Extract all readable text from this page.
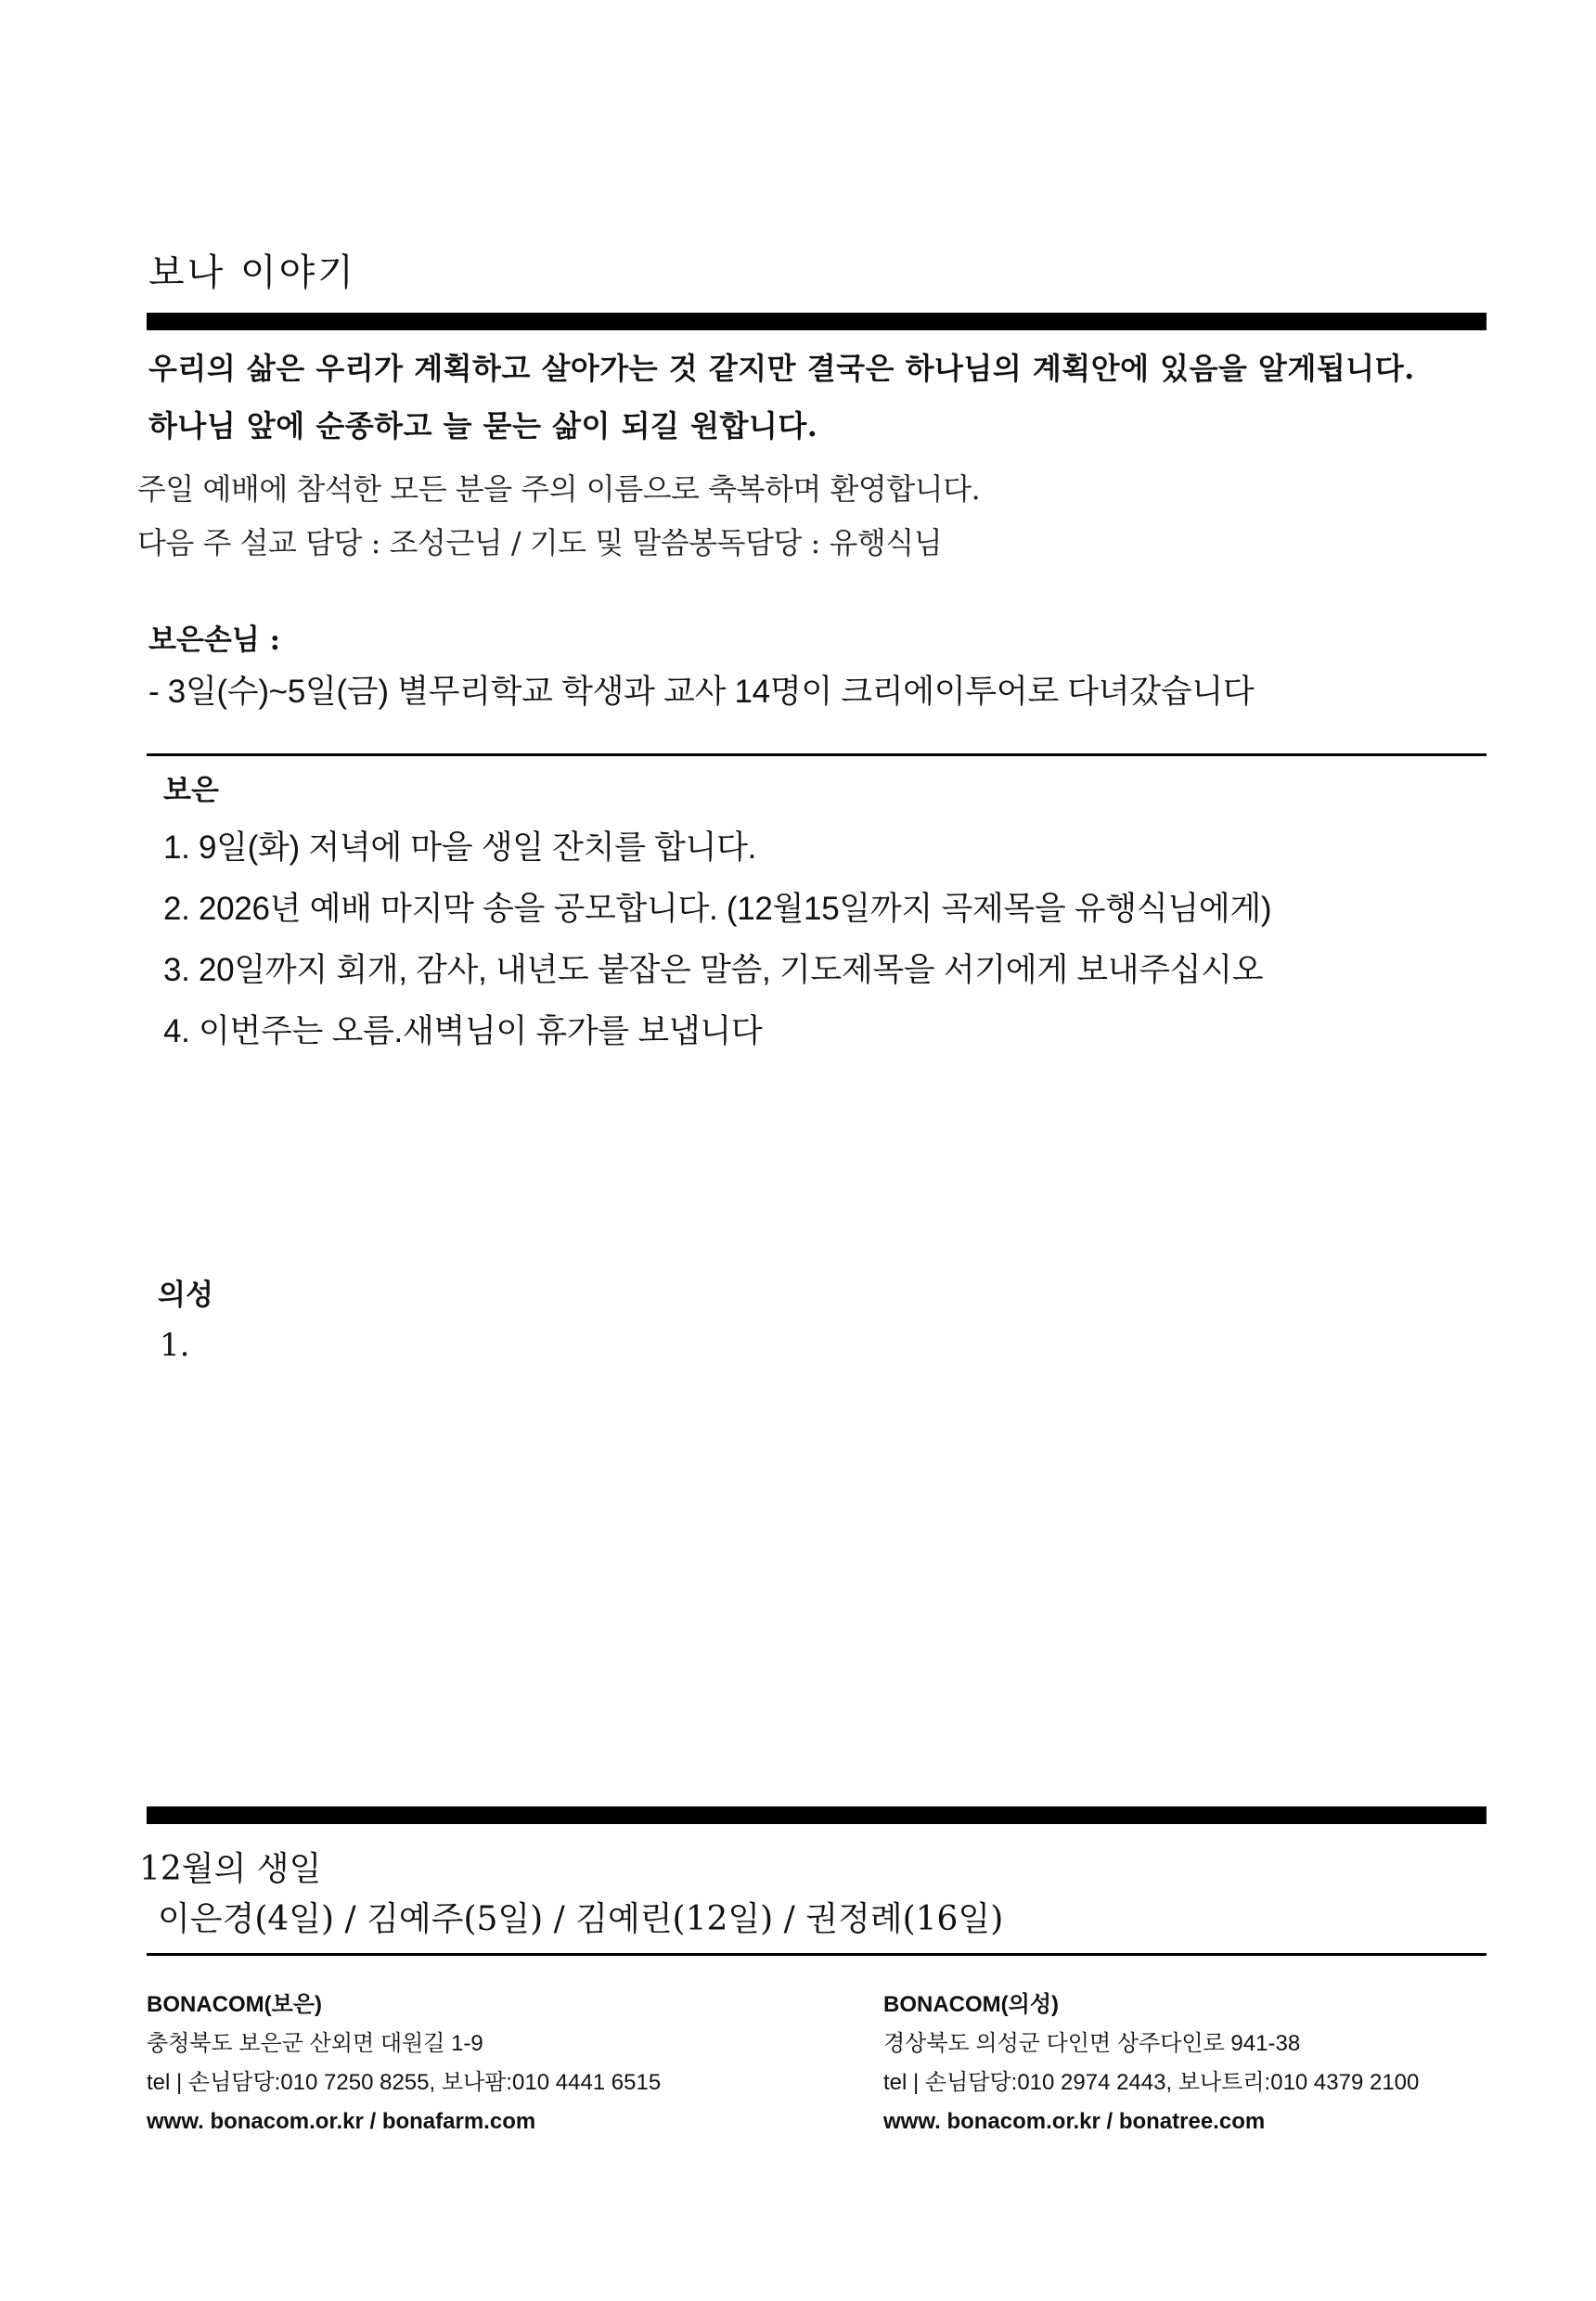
보나 이야기
우리의 삶은 우리가 계획하고 살아가는 것 같지만 결국은 하나님의 계획안에 있음을 알게됩니다.
하나님 앞에 순종하고 늘 묻는 삶이 되길 원합니다.
주일 예배에 참석한 모든 분을 주의 이름으로 축복하며 환영합니다.
다음 주 설교 담당 : 조성근님 / 기도 및 말씀봉독담당 : 유행식님
보은손님 :
- 3일(수)~5일(금) 별무리학교 학생과 교사 14명이 크리에이투어로 다녀갔습니다
보은
1. 9일(화) 저녁에 마을 생일 잔치를 합니다.
2. 2026년 예배 마지막 송을 공모합니다. (12월15일까지 곡제목을 유행식님에게)
3. 20일까지 회개, 감사, 내년도 붙잡은 말씀, 기도제목을 서기에게 보내주십시오
4. 이번주는 오름.새벽님이 휴가를 보냅니다
의성
1.
12월의 생일
이은경(4일) / 김예주(5일) / 김예린(12일) / 권정례(16일)
BONACOM(보은)
충청북도 보은군 산외면 대원길 1-9
tel | 손님담당:010 7250 8255, 보나팜:010 4441 6515
www. bonacom.or.kr / bonafarm.com
BONACOM(의성)
경상북도 의성군 다인면 상주다인로 941-38
tel | 손님담당:010 2974 2443, 보나트리:010 4379 2100
www. bonacom.or.kr / bonatree.com
